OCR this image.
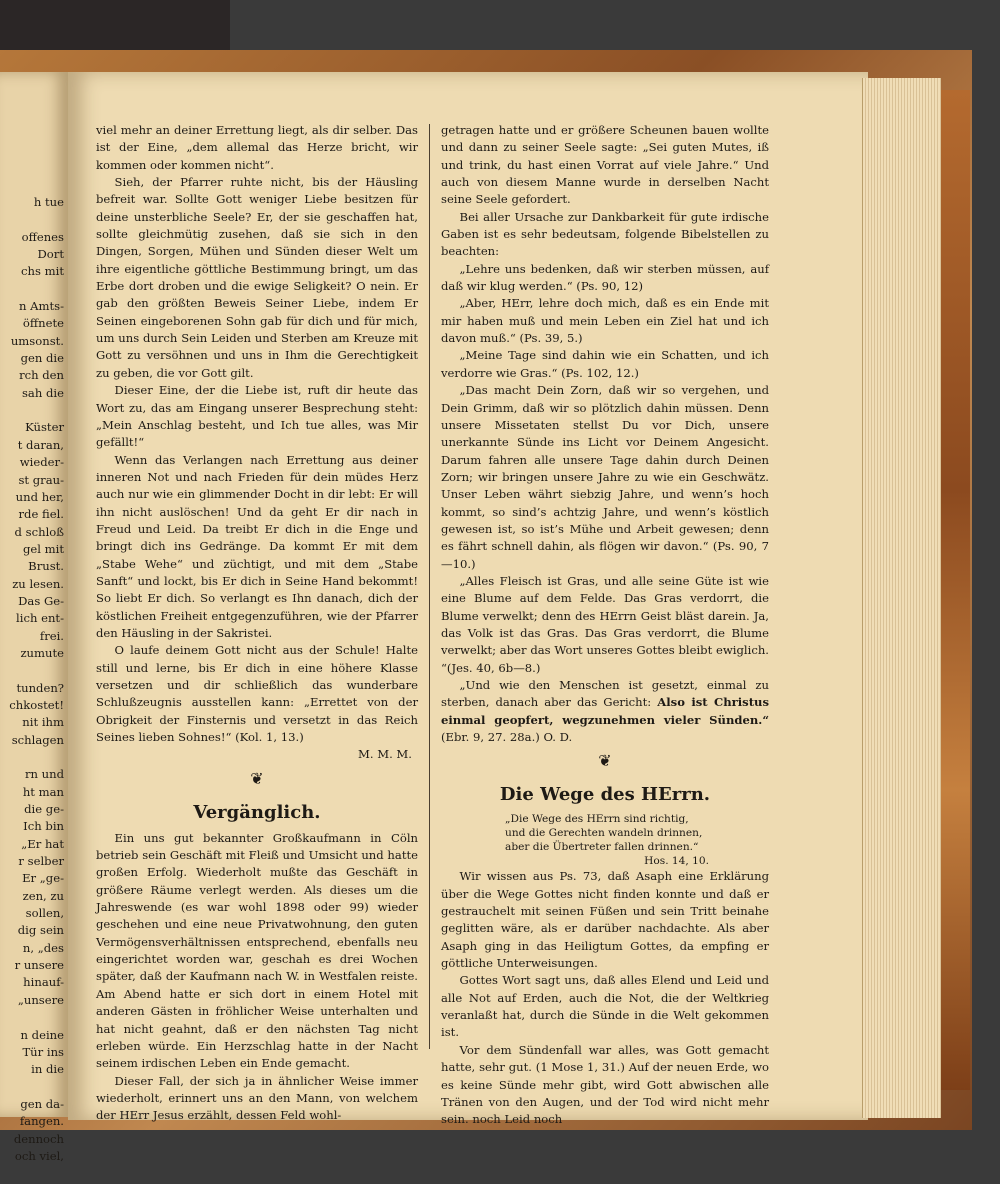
h tue

offenes
Dort
chs mit

n Amts-
öffnete
umsonst.
gen die
rch den
sah die

Küster
t daran,
wieder-
st grau-
und her,
rde fiel.
d schloß
gel mit
Brust.
zu lesen.
Das Ge-
lich ent-
frei.
zumute

tunden?
chkostet!
nit ihm
schlagen

rn und
ht man
die ge-
Ich bin
„Er hat
r selber
Er „ge-
zen, zu
sollen,
dig sein
n, „des
r unsere
hinauf-
„unsere

n deine
Tür ins
in die

gen da-
fangen.
dennoch
och viel,

viel mehr an deiner Errettung liegt, als dir selber. Das ist der Eine, „dem allemal das Herze bricht, wir kommen oder kommen nicht“.

Sieh, der Pfarrer ruhte nicht, bis der Häusling befreit war. Sollte Gott weniger Liebe besitzen für deine unsterbliche Seele? Er, der sie geschaffen hat, sollte gleichmütig zusehen, daß sie sich in den Dingen, Sorgen, Mühen und Sünden dieser Welt um ihre eigentliche göttliche Bestimmung bringt, um das Erbe dort droben und die ewige Seligkeit? O nein. Er gab den größten Beweis Seiner Liebe, indem Er Seinen eingeborenen Sohn gab für dich und für mich, um uns durch Sein Leiden und Sterben am Kreuze mit Gott zu versöhnen und uns in Ihm die Gerechtigkeit zu geben, die vor Gott gilt.

Dieser Eine, der die Liebe ist, ruft dir heute das Wort zu, das am Eingang unserer Besprechung steht: „Mein Anschlag besteht, und Ich tue alles, was Mir gefällt!“

Wenn das Verlangen nach Errettung aus deiner inneren Not und nach Frieden für dein müdes Herz auch nur wie ein glimmender Docht in dir lebt: Er will ihn nicht auslöschen! Und da geht Er dir nach in Freud und Leid. Da treibt Er dich in die Enge und bringt dich ins Gedränge. Da kommt Er mit dem „Stabe Wehe“ und züchtigt, und mit dem „Stabe Sanft“ und lockt, bis Er dich in Seine Hand bekommt! So liebt Er dich. So verlangt es Ihn danach, dich der köstlichen Freiheit entgegenzuführen, wie der Pfarrer den Häusling in der Sakristei.

O laufe deinem Gott nicht aus der Schule! Halte still und lerne, bis Er dich in eine höhere Klasse versetzen und dir schließlich das wunderbare Schlußzeugnis ausstellen kann: „Errettet von der Obrigkeit der Finsternis und versetzt in das Reich Seines lieben Sohnes!“ (Kol. 1, 13.)

M. M. M.
❦
Vergänglich.

Ein uns gut bekannter Großkaufmann in Cöln betrieb sein Geschäft mit Fleiß und Umsicht und hatte großen Erfolg. Wiederholt mußte das Geschäft in größere Räume verlegt werden. Als dieses um die Jahreswende (es war wohl 1898 oder 99) wieder geschehen und eine neue Privatwohnung, den guten Vermögensverhältnissen entsprechend, ebenfalls neu eingerichtet worden war, geschah es drei Wochen später, daß der Kaufmann nach W. in Westfalen reiste. Am Abend hatte er sich dort in einem Hotel mit anderen Gästen in fröhlicher Weise unterhalten und hat nicht geahnt, daß er den nächsten Tag nicht erleben würde. Ein Herzschlag hatte in der Nacht seinem irdischen Leben ein Ende gemacht.

Dieser Fall, der sich ja in ähnlicher Weise immer wiederholt, erinnert uns an den Mann, von welchem der HErr Jesus erzählt, dessen Feld wohl-

getragen hatte und er größere Scheunen bauen wollte und dann zu seiner Seele sagte: „Sei guten Mutes, iß und trink, du hast einen Vorrat auf viele Jahre.“ Und auch von diesem Manne wurde in derselben Nacht seine Seele gefordert.

Bei aller Ursache zur Dankbarkeit für gute irdische Gaben ist es sehr bedeutsam, folgende Bibelstellen zu beachten:

„Lehre uns bedenken, daß wir sterben müssen, auf daß wir klug werden.“ (Ps. 90, 12)

„Aber, HErr, lehre doch mich, daß es ein Ende mit mir haben muß und mein Leben ein Ziel hat und ich davon muß.“ (Ps. 39, 5.)

„Meine Tage sind dahin wie ein Schatten, und ich verdorre wie Gras.“ (Ps. 102, 12.)

„Das macht Dein Zorn, daß wir so vergehen, und Dein Grimm, daß wir so plötzlich dahin müssen. Denn unsere Missetaten stellst Du vor Dich, unsere unerkannte Sünde ins Licht vor Deinem Angesicht. Darum fahren alle unsere Tage dahin durch Deinen Zorn; wir bringen unsere Jahre zu wie ein Geschwätz. Unser Leben währt siebzig Jahre, und wenn’s hoch kommt, so sind’s achtzig Jahre, und wenn’s köstlich gewesen ist, so ist’s Mühe und Arbeit gewesen; denn es fährt schnell dahin, als flögen wir davon.“ (Ps. 90, 7—10.)

„Alles Fleisch ist Gras, und alle seine Güte ist wie eine Blume auf dem Felde. Das Gras verdorrt, die Blume verwelkt; denn des HErrn Geist bläst darein. Ja, das Volk ist das Gras. Das Gras verdorrt, die Blume verwelkt; aber das Wort unseres Gottes bleibt ewiglich. “(Jes. 40, 6b—8.)

„Und wie den Menschen ist gesetzt, einmal zu sterben, danach aber das Gericht: Also ist Christus einmal geopfert, wegzunehmen vieler Sünden.“ (Ebr. 9, 27. 28a.) O. D.

❦
Die Wege des HErrn.
„Die Wege des HErrn sind richtig,
und die Gerechten wandeln drinnen,
aber die Übertreter fallen drinnen.“
Hos. 14, 10.

Wir wissen aus Ps. 73, daß Asaph eine Erklärung über die Wege Gottes nicht finden konnte und daß er gestrauchelt mit seinen Füßen und sein Tritt beinahe geglitten wäre, als er darüber nachdachte. Als aber Asaph ging in das Heiligtum Gottes, da empfing er göttliche Unterweisungen.

Gottes Wort sagt uns, daß alles Elend und Leid und alle Not auf Erden, auch die Not, die der Weltkrieg veranlaßt hat, durch die Sünde in die Welt gekommen ist.

Vor dem Sündenfall war alles, was Gott gemacht hatte, sehr gut. (1 Mose 1, 31.) Auf der neuen Erde, wo es keine Sünde mehr gibt, wird Gott abwischen alle Tränen von den Augen, und der Tod wird nicht mehr sein. noch Leid noch
